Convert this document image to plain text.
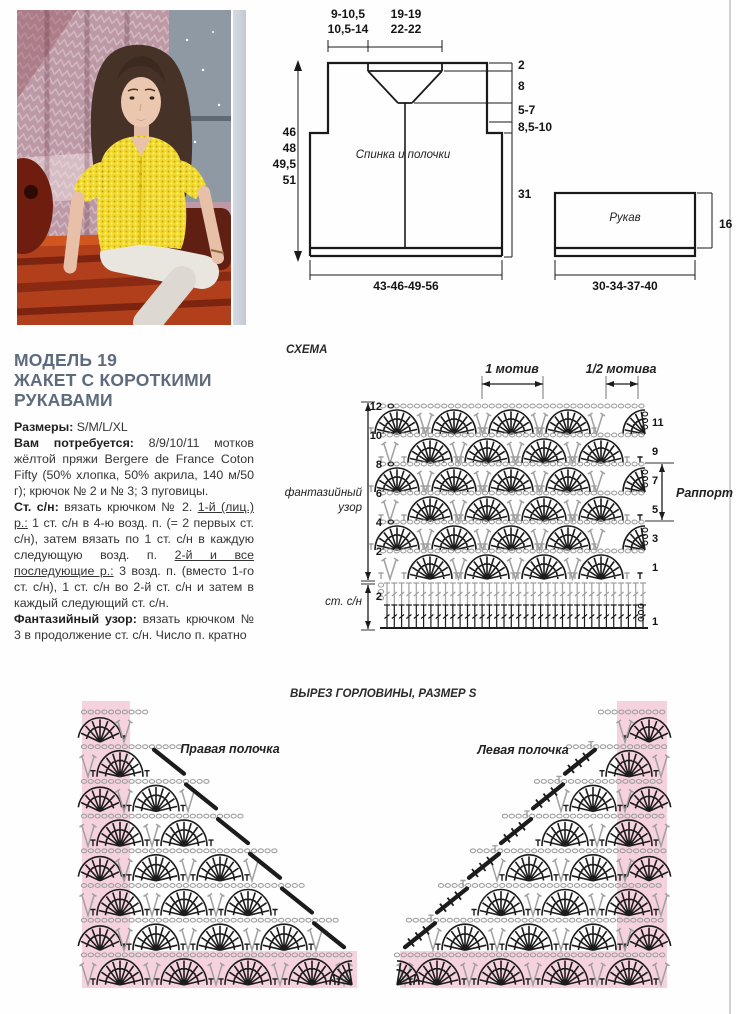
9-10,5
10,5-14
19-19
22-22
46
48
49,5
51
2
8
5-7
8,5-10
31
43-46-49-56
16
30-34-37-40
Спинка и полочки
Рукав
МОДЕЛЬ 19
ЖАКЕТ С КОРОТКИМИ
РУКАВАМИ

Размеры: S/M/L/XL

Вам потребуется: 8/9/10/11 мотков жёлтой пряжи Bergere de France Coton Fifty (50% хлопка, 50% акрила, 140 м/50 г); крючок № 2 и № 3; 3 пуговицы.

Ст. с/н: вязать крючком № 2. 1-й (лиц.) р.: 1 ст. с/н в 4-ю возд. п. (= 2 первых ст. с/н), затем вязать по 1 ст. с/н в каждую следующую возд. п. 2-й и все последующие р.: 3 возд. п. (вместо 1-го ст. с/н), 1 ст. с/н во 2-й ст. с/н и затем в каждый следующий ст. с/н.

Фантазийный узор: вязать крючком № 3 в продолжение ст. с/н. Число п. кратно

СХЕМА
1 мотив	1/2 мотива
фантазийный
узор
ст. с/н
Раппорт
12
10
8
6
4
2
2
11
9
7
5
3
1
1
ВЫРЕЗ ГОРЛОВИНЫ, РАЗМЕР S
Правая полочка	Левая полочка
